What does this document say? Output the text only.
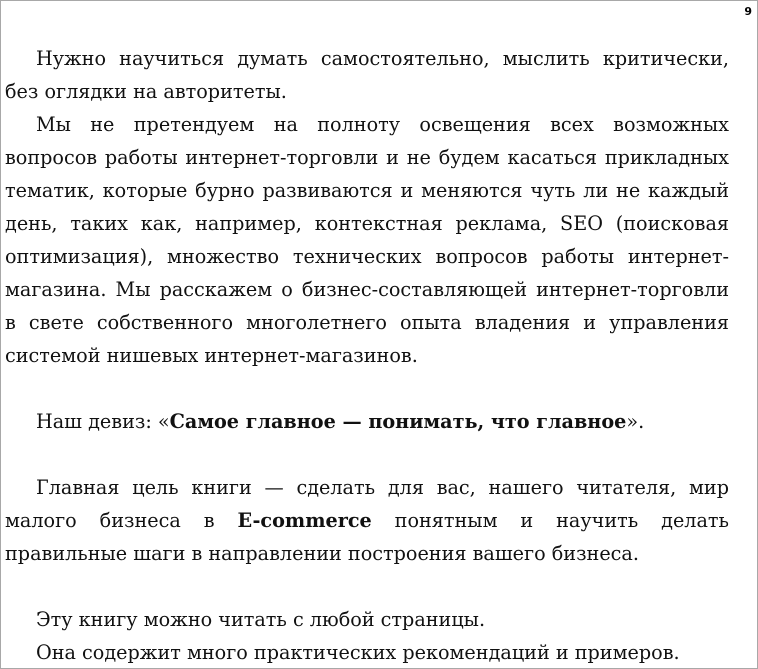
9

Нужно научиться думать самостоятельно, мыслить критически, без оглядки на авторитеты.

Мы не претендуем на полноту освещения всех возможных вопросов работы интернет-торговли и не будем касаться прикладных тематик, которые бурно развиваются и меняются чуть ли не каждый день, таких как, например, контекстная реклама, SEO (поисковая оптимизация), множество технических вопросов работы интернет-магазина. Мы расскажем о бизнес-составляющей интернет-торговли в свете собственного многолетнего опыта владения и управления системой нишевых интернет-магазинов.

Наш девиз: «Самое главное — понимать, что главное».

Главная цель книги — сделать для вас, нашего читателя, мир малого бизнеса в E-commerce понятным и научить делать правильные шаги в направлении построения вашего бизнеса.

Эту книгу можно читать с любой страницы.

Она содержит много практических рекомендаций и примеров.
